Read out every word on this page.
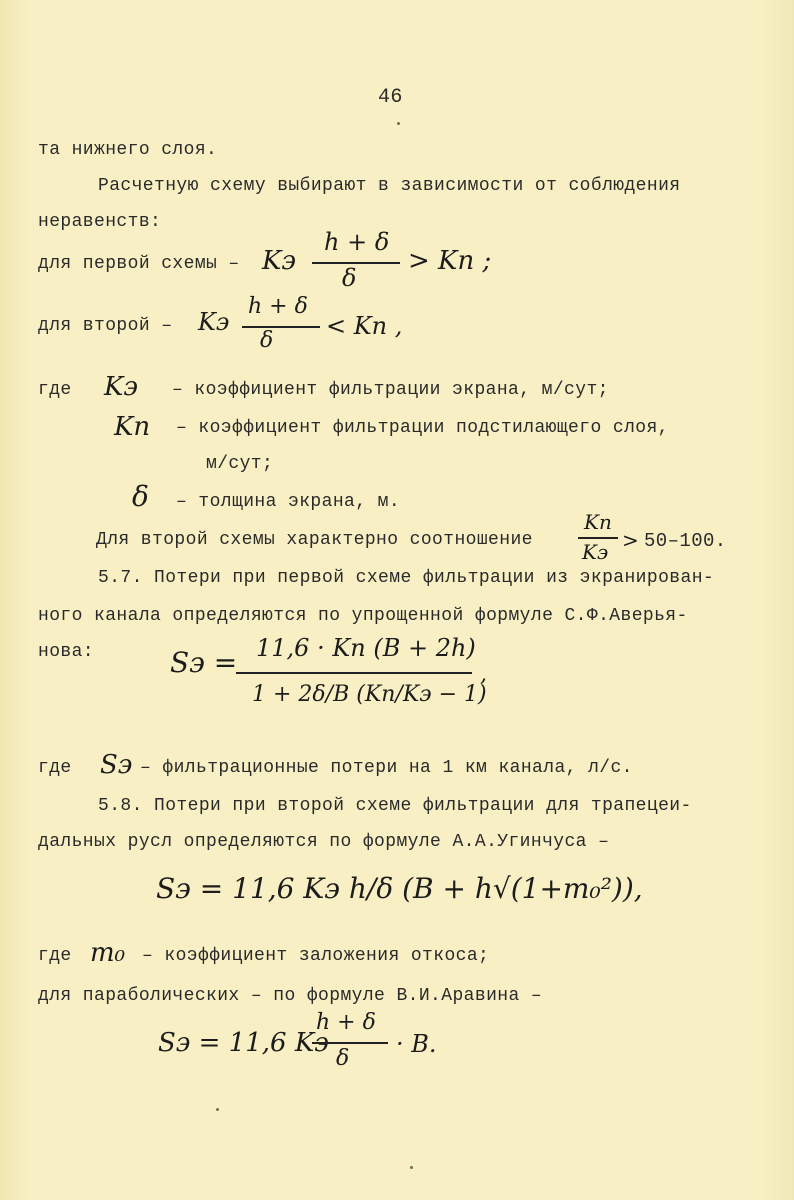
46
та нижнего слоя.
Расчетную схему выбирают в зависимости от соблюдения
неравенств:
для первой схемы – Kэ
h + δ
δ
> Kп ;
для второй – Kэ
h + δ
δ
< Kп ,
где Kэ – коэффициент фильтрации экрана, м/сут;
Kп – коэффициент фильтрации подстилающего слоя,
м/сут;
δ – толщина экрана, м.
Для второй схемы характерно соотношение
Kп
Kэ > 50–100.
5.7. Потери при первой схеме фильтрации из экранирован-
ного канала определяются по упрощенной формуле С.Ф.Аверья-
нова:	Sэ = 11,6 · Kп (B + 2h)
1 + 2δ/B (Kп/Kэ − 1)
,
где Sэ – фильтрационные потери на 1 км канала, л/с.
5.8. Потери при второй схеме фильтрации для трапецеи-
дальных русл определяются по формуле А.А.Угинчуса –
Sэ = 11,6 Kэ h/δ (B + h√(1+m₀²)),
где m₀ – коэффициент заложения откоса;
для параболических – по формуле В.И.Аравина –
Sэ = 11,6 Kэ
h + δ
δ
· B.
